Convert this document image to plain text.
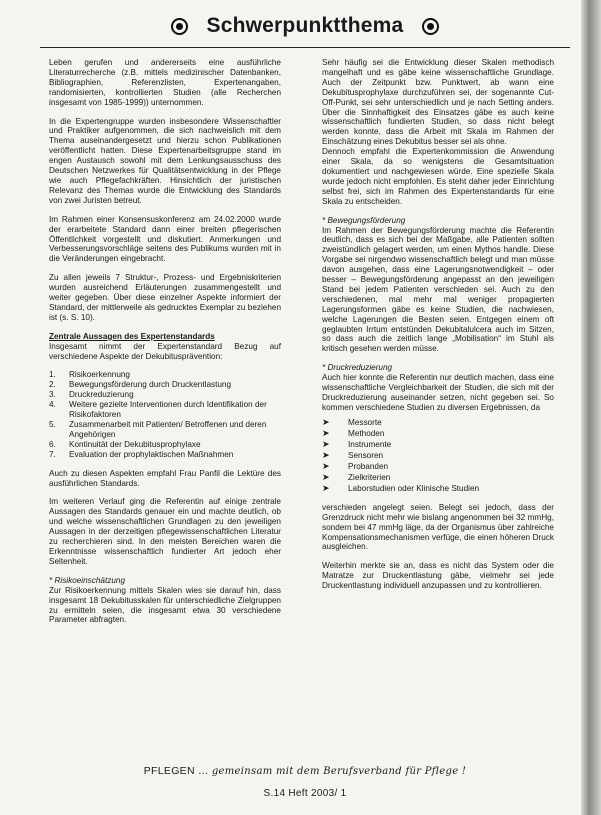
Schwerpunktthema

Leben gerufen und andererseits eine ausführliche Literaturrecherche (z.B. mittels medizinischer Datenbanken, Bibliographien, Referenzlisten, Expertenangaben, randomisierten, kontrollierten Studien (alle Recherchen insgesamt von 1985-1999)) unternommen.

In die Expertengruppe wurden insbesondere Wissenschaftler und Praktiker aufgenommen, die sich nachweislich mit dem Thema auseinandergesetzt und hierzu schon Publikationen veröffentlicht hatten. Diese Expertenarbeitsgruppe stand im engen Austausch sowohl mit dem Lenkungsausschuss des Deutschen Netzwerkes für Qualitätsentwicklung in der Pflege wie auch Pflegefachkräften. Hinsichtlich der juristischen Relevanz des Themas wurde die Entwicklung des Standards von zwei Juristen betreut.

Im Rahmen einer Konsensuskonferenz am 24.02.2000 wurde der erarbeitete Standard dann einer breiten pflegerischen Öffentlichkeit vorgestellt und diskutiert. Anmerkungen und Verbesserungsvorschläge seitens des Publikums wurden mit in die Veränderungen eingebracht.

Zu allen jeweils 7 Struktur-, Prozess- und Ergebniskriterien wurden ausreichend Erläuterungen zusammengestellt und weiter gegeben. Über diese einzelner Aspekte informiert der Standard, der mittlerweile als gedrucktes Exemplar zu beziehen ist (s. S. 10).

Zentrale Aussagen des Expertenstandards

Insgesamt nimmt der Expertenstandard Bezug auf verschiedene Aspekte der Dekubitusprävention:

1.	Risikoerkennung
2.	Bewegungsförderung durch Druckentlastung
3.	Druckreduzierung
4.	Weitere gezielte Interventionen durch Identifikation der Risikofaktoren
5.	Zusammenarbeit mit Patienten/ Betroffenen und deren Angehörigen
6.	Kontinuität der Dekubitusprophylaxe
7.	Evaluation der prophylaktischen Maßnahmen

Auch zu diesen Aspekten empfahl Frau Panfil die Lektüre des ausführlichen Standards.

Im weiteren Verlauf ging die Referentin auf einige zentrale Aussagen des Standards genauer ein und machte deutlich, ob und welche wissenschaftlichen Grundlagen zu den jeweiligen Aussagen in der derzeitigen pflegewissenschaftlichen Literatur zu recherchieren sind. In den meisten Bereichen waren die Erkenntnisse wissenschaftlich fundierter Art jedoch eher Seltenheit.

* Risikoeinschätzung

Zur Risikoerkennung mittels Skalen wies sie darauf hin, dass insgesamt 18 Dekubitusskalen für unterschiedliche Zielgruppen zu ermitteln seien, die insgesamt etwa 30 verschiedene Parameter abfragten.

Sehr häufig sei die Entwicklung dieser Skalen methodisch mangelhaft und es gäbe keine wissenschaftliche Grundlage. Auch der Zeitpunkt bzw. Punktwert, ab wann eine Dekubitusprophylaxe durchzuführen sei, der sogenannte Cut-Off-Punkt, sei sehr unterschiedlich und je nach Setting anders. Über die Sinnhaftigkeit des Einsatzes gäbe es auch keine wissenschaftlich fundierten Studien, so dass nicht belegt werden konnte, dass die Arbeit mit Skala im Rahmen der Einschätzung eines Dekubitus besser sei als ohne.

Dennoch empfahl die Expertenkommission die Anwendung einer Skala, da so wenigstens die Gesamtsituation dokumentiert und nachgewiesen würde. Eine spezielle Skala wurde jedoch nicht empfohlen. Es steht daher jeder Einrichtung selbst frei, sich im Rahmen des Expertenstandards für eine Skala zu entscheiden.

* Bewegungsförderung

Im Rahmen der Bewegungsförderung machte die Referentin deutlich, dass es sich bei der Maßgabe, alle Patienten sollten zweistündlich gelagert werden, um einen Mythos handle. Diese Vorgabe sei nirgendwo wissenschaftlich belegt und man müsse davon ausgehen, dass eine Lagerungsnotwendigkeit – oder besser – Bewegungsförderung angepasst an den jeweiligen Stand bei jedem Patienten verschieden sei. Auch zu den verschiedenen, mal mehr mal weniger propagierten Lagerungsformen gäbe es keine Studien, die nachwiesen, welche Lagerungen die Besten seien. Entgegen einem oft geglaubten Irrtum entstünden Dekubitalulcera auch im Sitzen, so dass auch die zeitlich lange „Mobilisation“ im Stuhl als kritisch gesehen werden müsse.

* Druckreduzierung

Auch hier konnte die Referentin nur deutlich machen, dass eine wissenschaftliche Vergleichbarkeit der Studien, die sich mit der Druckreduzierung auseinander setzen, nicht gegeben sei. So kommen verschiedene Studien zu diversen Ergebnissen, da

➤	Messorte
➤	Methoden
➤	Instrumente
➤	Sensoren
➤	Probanden
➤	Zielkriterien
➤	Laborstudien oder Klinische Studien

verschieden angelegt seien. Belegt sei jedoch, dass der Grenzdruck nicht mehr wie bislang angenommen bei 32 mmHg, sondern bei 47 mmHg läge, da der Organismus über zahlreiche Kompensationsmechanismen verfüge, die einen höheren Druck ausgleichen.

Weiterhin merkte sie an, dass es nicht das System oder die Matratze zur Druckentlastung gäbe, vielmehr sei jede Druckentlastung individuell anzupassen und zu kontrollieren.

PFLEGEN … gemeinsam mit dem Berufsverband für Pflege !
S.14 Heft 2003/ 1
